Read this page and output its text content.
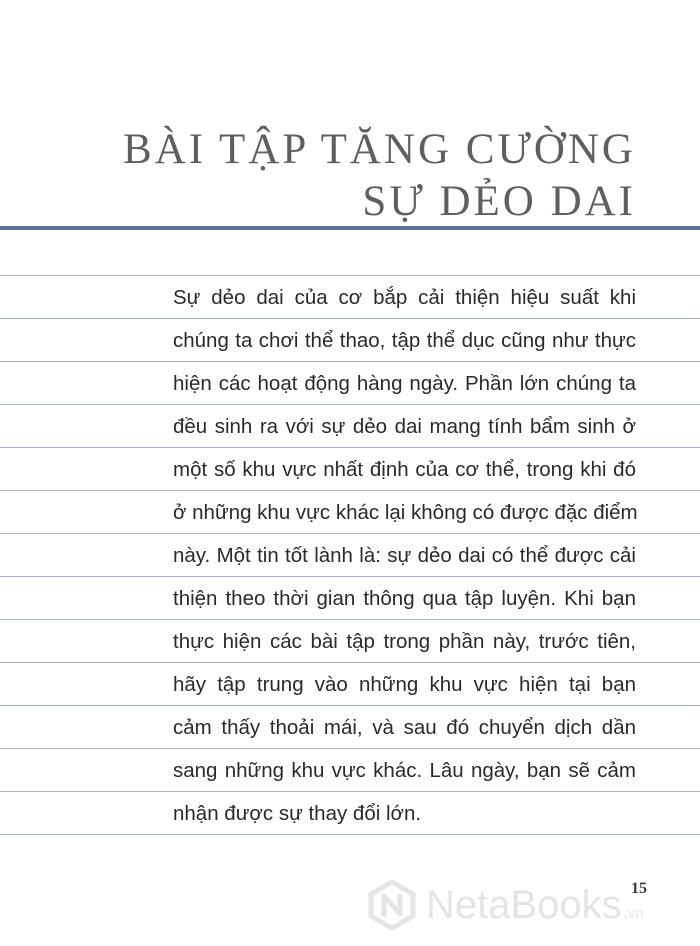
BÀI TẬP TĂNG CƯỜNG
SỰ DẺO DAI
Sự dẻo dai của cơ bắp cải thiện hiệu suất khi
chúng ta chơi thể thao, tập thể dục cũng như thực
hiện các hoạt động hàng ngày. Phần lớn chúng ta
đều sinh ra với sự dẻo dai mang tính bẩm sinh ở
một số khu vực nhất định của cơ thể, trong khi đó
ở những khu vực khác lại không có được đặc điểm
này. Một tin tốt lành là: sự dẻo dai có thể được cải
thiện theo thời gian thông qua tập luyện. Khi bạn
thực hiện các bài tập trong phần này, trước tiên,
hãy tập trung vào những khu vực hiện tại bạn
cảm thấy thoải mái, và sau đó chuyển dịch dần
sang những khu vực khác. Lâu ngày, bạn sẽ cảm
nhận được sự thay đổi lớn.
15
NetaBooks .vn
